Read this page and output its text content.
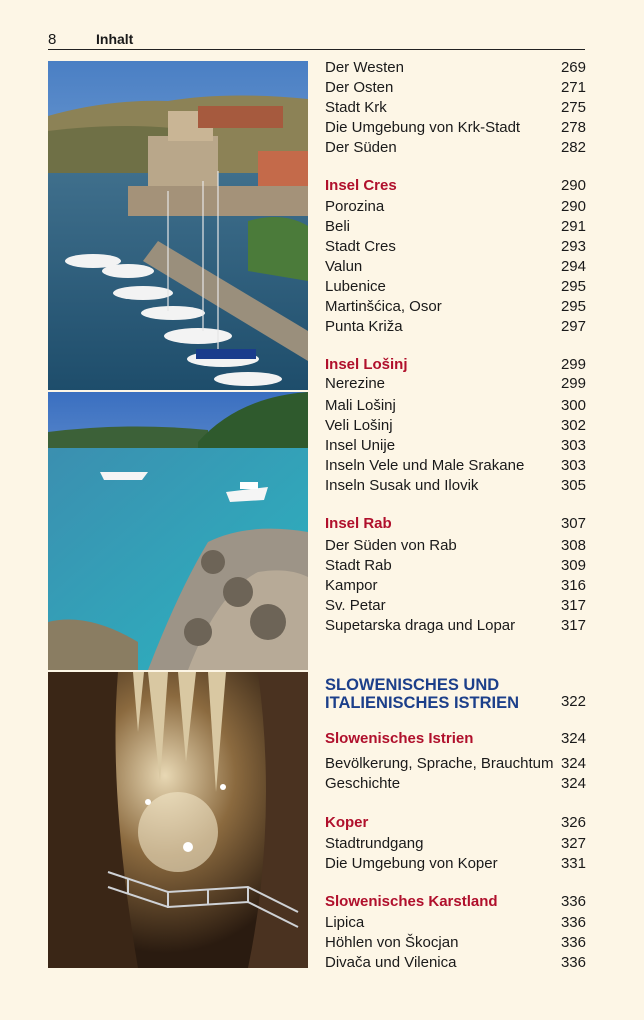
8	Inhalt
Der Westen	269
Der Osten	271
Stadt Krk	275
Die Umgebung von Krk-Stadt	278
Der Süden	282
Insel Cres	290
Porozina	290
Beli	291
Stadt Cres	293
Valun	294
Lubenice	295
Martinšćica, Osor	295
Punta Križa	297
Insel Lošinj	299
Nerezine	299
Mali Lošinj	300
Veli Lošinj	302
Insel Unije	303
Inseln Vele und Male Srakane 303
Inseln Susak und Ilovik	305
Insel Rab	307
Der Süden von Rab	308
Stadt Rab	309
Kampor	316
Sv. Petar	317
Supetarska draga und Lopar	317
SLOWENISCHES UND
ITALIENISCHES ISTRIEN	322
Slowenisches Istrien	324
Bevölkerung, Sprache, Brauchtum 324
Geschichte	324
Koper	326
Stadtrundgang	327
Die Umgebung von Koper	331
Slowenisches Karstland	336
Lipica	336
Höhlen von Škocjan	336
Divača und Vilenica	336
